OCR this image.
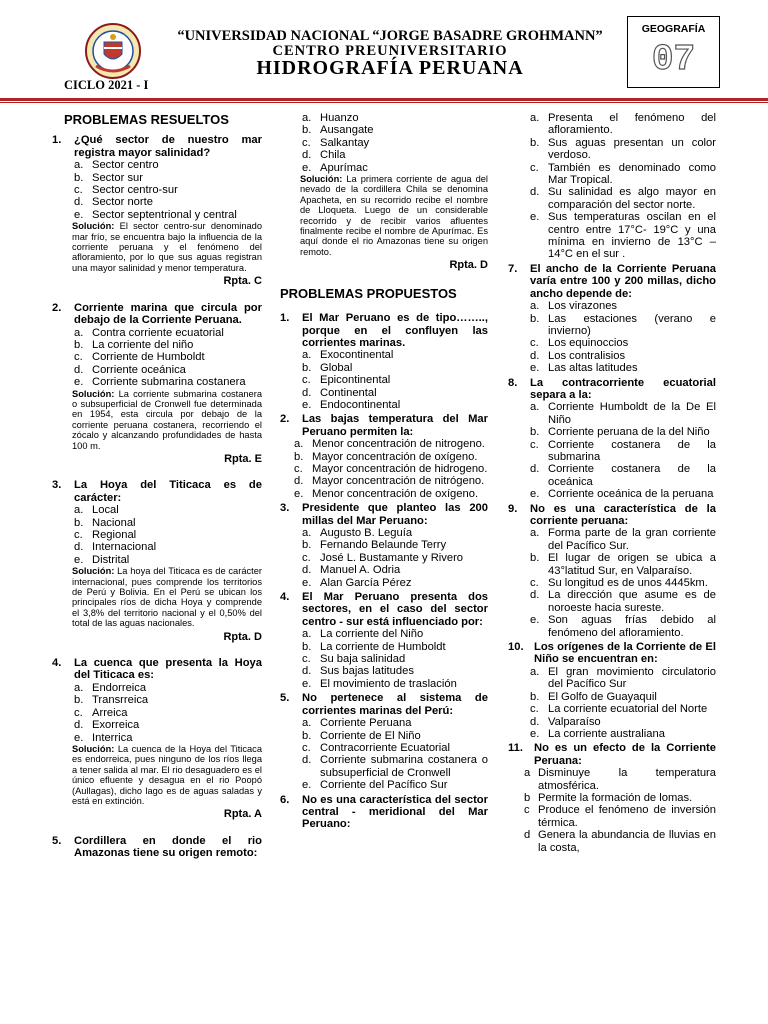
“UNIVERSIDAD NACIONAL “JORGE BASADRE GROHMANN”
CENTRO PREUNIVERSITARIO
HIDROGRAFÍA PERUANA
CICLO 2021 - I
GEOGRAFÍA
07
PROBLEMAS RESUELTOS
1.	¿Qué sector de nuestro mar registra mayor salinidad?
a. Sector centro
b. Sector sur
c. Sector centro-sur
d. Sector norte
e. Sector septentrional y central
Solución: El sector centro-sur denominado mar frío, se encuentra bajo la influencia de la corriente peruana y el fenómeno del afloramiento, por lo que sus aguas registran una mayor salinidad y menor temperatura.
Rpta. C
2.	Corriente marina que circula por debajo de la Corriente Peruana.
a. Contra corriente ecuatorial
b. La corriente del niño
c. Corriente de Humboldt
d. Corriente oceánica
e. Corriente submarina costanera
Solución: La corriente submarina costanera o subsuperficial de Cronwell fue determinada en 1954, esta circula por debajo de la corriente peruana costanera, recorriendo el zócalo y alcanzando profundidades de hasta 100 m.
Rpta. E
3.	La Hoya del Titicaca es de carácter:
a. Local
b. Nacional
c. Regional
d. Internacional
e. Distrital
Solución: La hoya del Titicaca es de carácter internacional, pues comprende los territorios de Perú y Bolivia. En el Perú se ubican los principales ríos de dicha Hoya y comprende el 3,8% del territorio nacional y el 0,50% del total de las aguas nacionales.
Rpta. D
4.	La cuenca que presenta la Hoya del Titicaca es:
a. Endorreica
b. Transrreica
c. Arreica
d. Exorreica
e. Interrica
Solución: La cuenca de la Hoya del Titicaca es endorreica, pues ninguno de los ríos llega a tener salida al mar. El rio desaguadero es el único efluente y desagua en el rio Poopó (Aullagas), dicho lago es de aguas saladas y está en extinción.
Rpta. A
5.	Cordillera en donde el rio Amazonas tiene su origen remoto:
a. Huanzo
b. Ausangate
c. Salkantay
d. Chila
e. Apurímac
Solución: La primera corriente de agua del nevado de la cordillera Chila se denomina Apacheta, en su recorrido recibe el nombre de Lloqueta. Luego de un considerable recorrido y de recibir varios afluentes finalmente recibe el nombre de Apurímac. Es aquí donde el rio Amazonas tiene su origen remoto.
Rpta. D
PROBLEMAS PROPUESTOS
1.	El Mar Peruano es de tipo…….., porque en el confluyen las corrientes marinas.
a. Exocontinental
b. Global
c. Epicontinental
d. Continental
e. Endocontinental
2.	Las bajas temperatura del Mar Peruano permiten la:
a. Menor concentración de nitrogeno.
b. Mayor concentración de oxígeno.
c. Mayor concentración de hidrogeno.
d. Mayor concentración de nitrógeno.
e. Menor concentración de oxígeno.
3.	Presidente que planteo las 200 millas del Mar Peruano:
a. Augusto B. Leguía
b. Fernando Belaunde Terry
c. José L. Bustamante y Rivero
d. Manuel A. Odria
e. Alan García Pérez
4.	El Mar Peruano presenta dos sectores, en el caso del sector centro - sur está influenciado por:
a. La corriente del Niño
b. La corriente de Humboldt
c. Su baja salinidad
d. Sus bajas latitudes
e. El movimiento de traslación
5.	No pertenece al sistema de corrientes marinas del Perú:
a. Corriente Peruana
b. Corriente de El Niño
c. Contracorriente Ecuatorial
d. Corriente submarina costanera o subsuperficial de Cronwell
e. Corriente del Pacífico Sur
6.	No es una característica del sector central - meridional del Mar Peruano:
a. Presenta el fenómeno del afloramiento.
b. Sus aguas presentan un color verdoso.
c. También es denominado como Mar Tropical.
d. Su salinidad es algo mayor en comparación del sector norte.
e. Sus temperaturas oscilan en el centro entre 17°C- 19°C y una mínima en invierno de 13°C – 14°C en el sur .
7.	El ancho de la Corriente Peruana varía entre 100 y 200 millas, dicho ancho depende de:
a. Los virazones
b. Las estaciones (verano e invierno)
c. Los equinoccios
d. Los contralisios
e. Las altas latitudes
8.	La contracorriente ecuatorial separa a la:
a. Corriente Humboldt de la De El Niño
b. Corriente peruana de la del Niño
c. Corriente costanera de la submarina
d. Corriente costanera de la oceánica
e. Corriente oceánica de la peruana
9.	No es una característica de la corriente peruana:
a. Forma parte de la gran corriente del Pacífico Sur.
b. El lugar de origen se ubica a 43°latitud Sur, en Valparaíso.
c. Su longitud es de unos 4445km.
d. La dirección que asume es de noroeste hacia sureste.
e. Son aguas frías debido al fenómeno del afloramiento.
10. Los orígenes de la Corriente de El Niño se encuentran en:
a. El gran movimiento circulatorio del Pacífico Sur
b. El Golfo de Guayaquil
c. La corriente ecuatorial del Norte
d. Valparaíso
e. La corriente australiana
11. No es un efecto de la Corriente Peruana:
a Disminuye la temperatura atmosférica.
b Permite la formación de lomas.
c Produce el fenómeno de inversión térmica.
d Genera la abundancia de lluvias en la costa,
